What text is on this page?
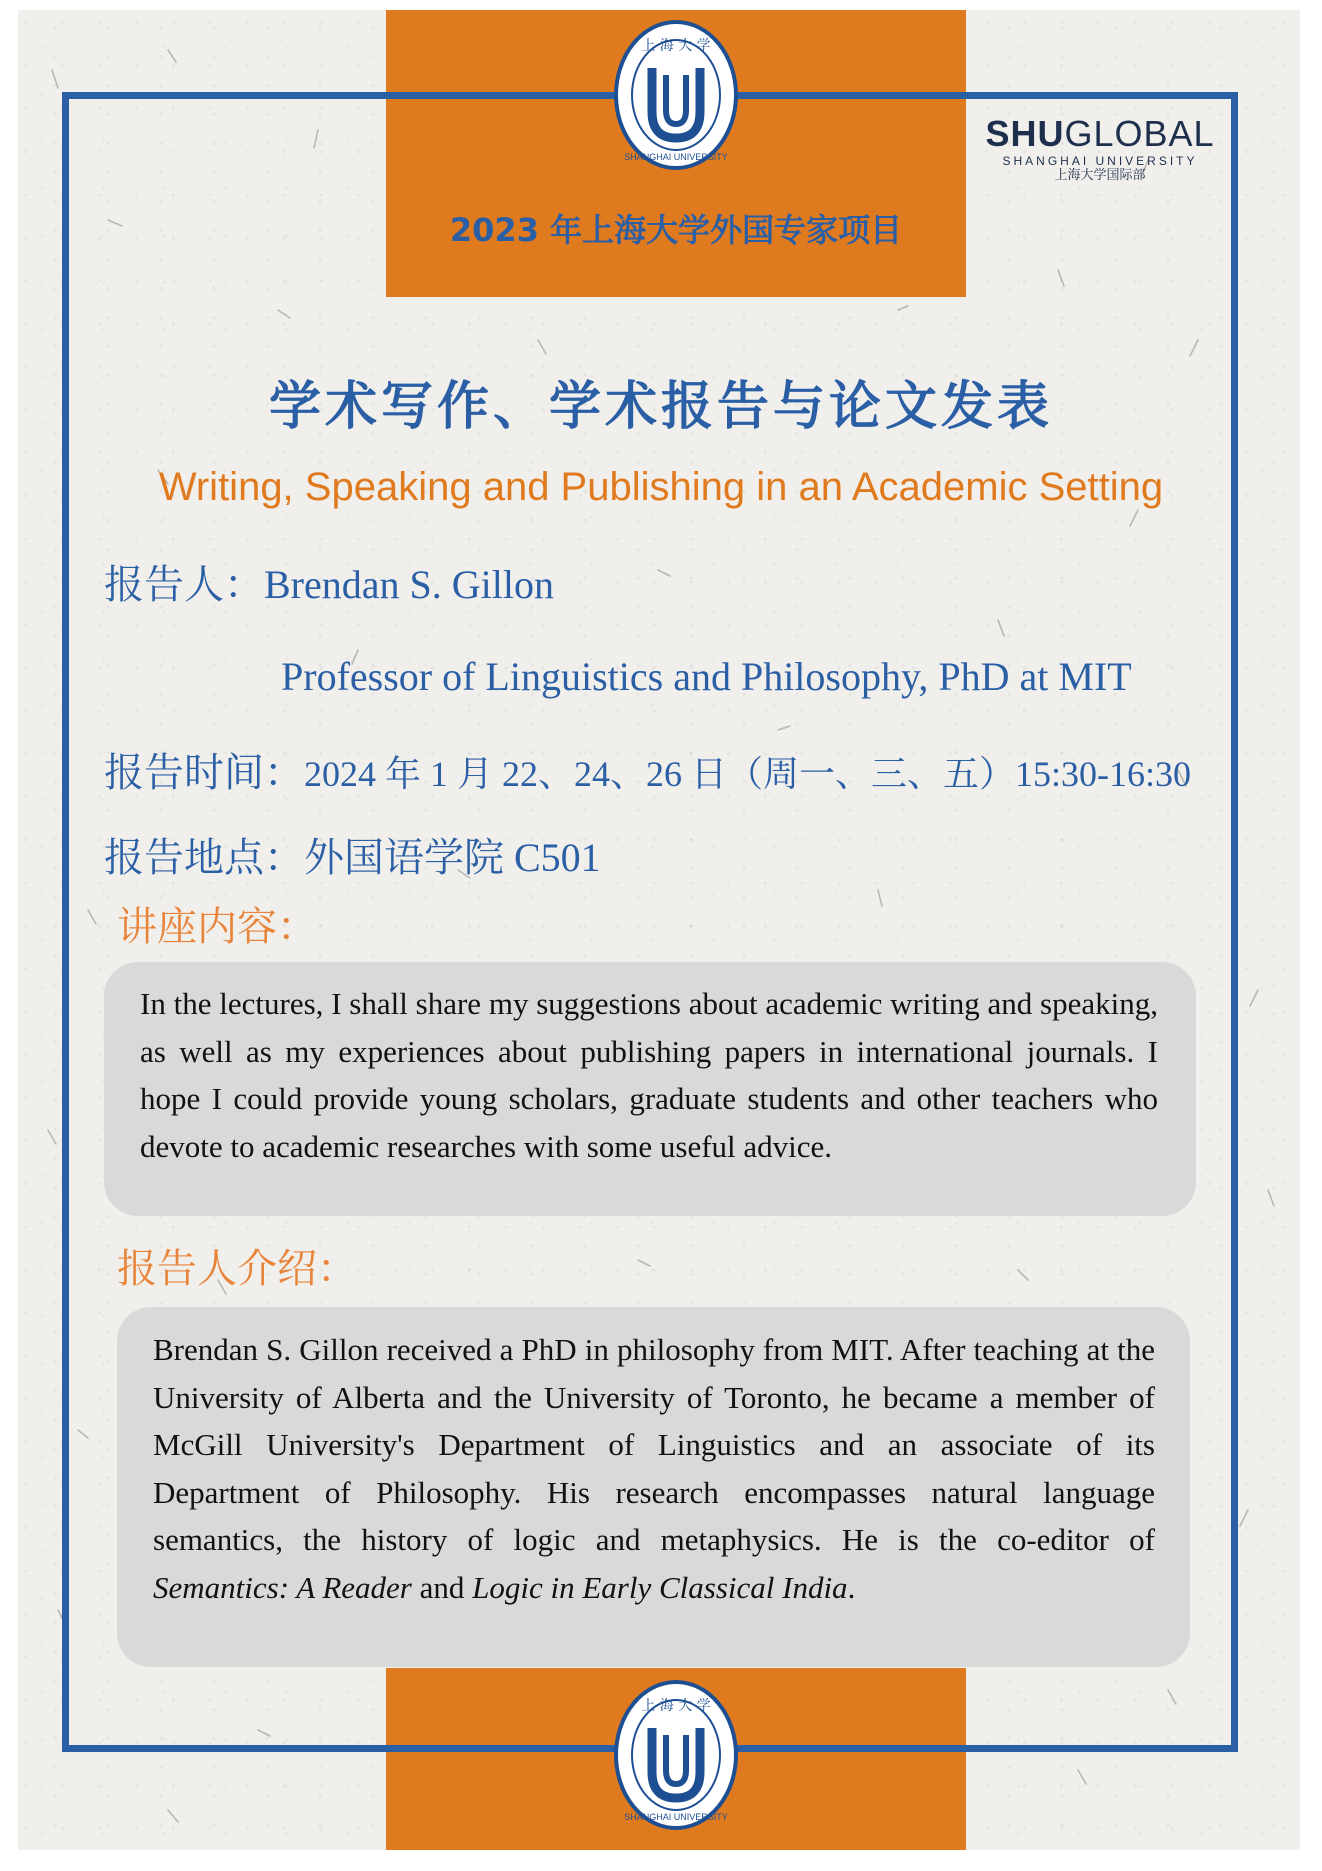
上 海 大 学
SHANGHAI UNIVERSITY
上 海 大 学
SHANGHAI UNIVERSITY
SHUGLOBAL
SHANGHAI UNIVERSITY
上海大学国际部
2023 年上海大学外国专家项目
学术写作、学术报告与论文发表
Writing, Speaking and Publishing in an Academic Setting
报告人：Brendan S. Gillon
Professor of Linguistics and Philosophy, PhD at MIT
报告时间：2024 年 1 月 22、24、26 日（周一、三、五）15:30-16:30
报告地点：外国语学院 C501
讲座内容：
In the lectures, I shall share my suggestions about academic writing and speaking, as well as my experiences about publishing papers in international journals. I hope I could provide young scholars, graduate students and other teachers who devote to academic researches with some useful advice.
报告人介绍：
Brendan S. Gillon received a PhD in philosophy from MIT. After teaching at the University of Alberta and the University of Toronto, he became a member of McGill University's Department of Linguistics and an associate of its Department of Philosophy. His research encompasses natural language semantics, the history of logic and metaphysics. He is the co-editor of Semantics: A Reader and Logic in Early Classical India.
